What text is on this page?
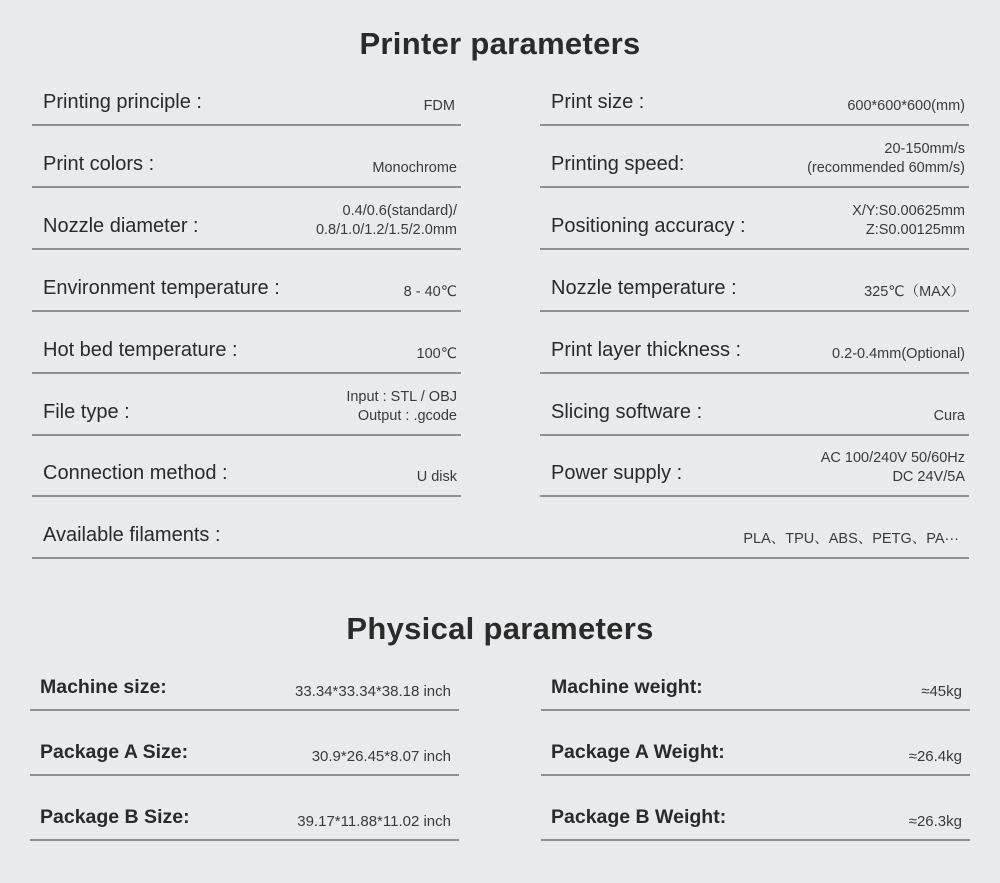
Printer parameters
Printing principle :	FDM
Print colors :	Monochrome
Nozzle diameter :
0.4/0.6(standard)/
0.8/1.0/1.2/1.5/2.0mm
Environment temperature :	8 - 40℃
Hot bed temperature :	100℃
File type :
Input : STL / OBJ
Output : .gcode
Connection method :	U disk
Print size :	600*600*600(mm)
Printing speed:
20-150mm/s
(recommended 60mm/s)
Positioning accuracy :
X/Y:S0.00625mm
Z:S0.00125mm
Nozzle temperature :	325℃（MAX）
Print layer thickness :	0.2-0.4mm(Optional)
Slicing software :	Cura
Power supply :
AC 100/240V 50/60Hz
DC 24V/5A
Available filaments :	PLA、TPU、ABS、PETG、PA···
Physical parameters
Machine size:	33.34*33.34*38.18 inch
Package A Size:	30.9*26.45*8.07 inch
Package B Size:	39.17*11.88*11.02 inch
Machine weight:	≈45kg
Package A Weight:	≈26.4kg
Package B Weight:	≈26.3kg
